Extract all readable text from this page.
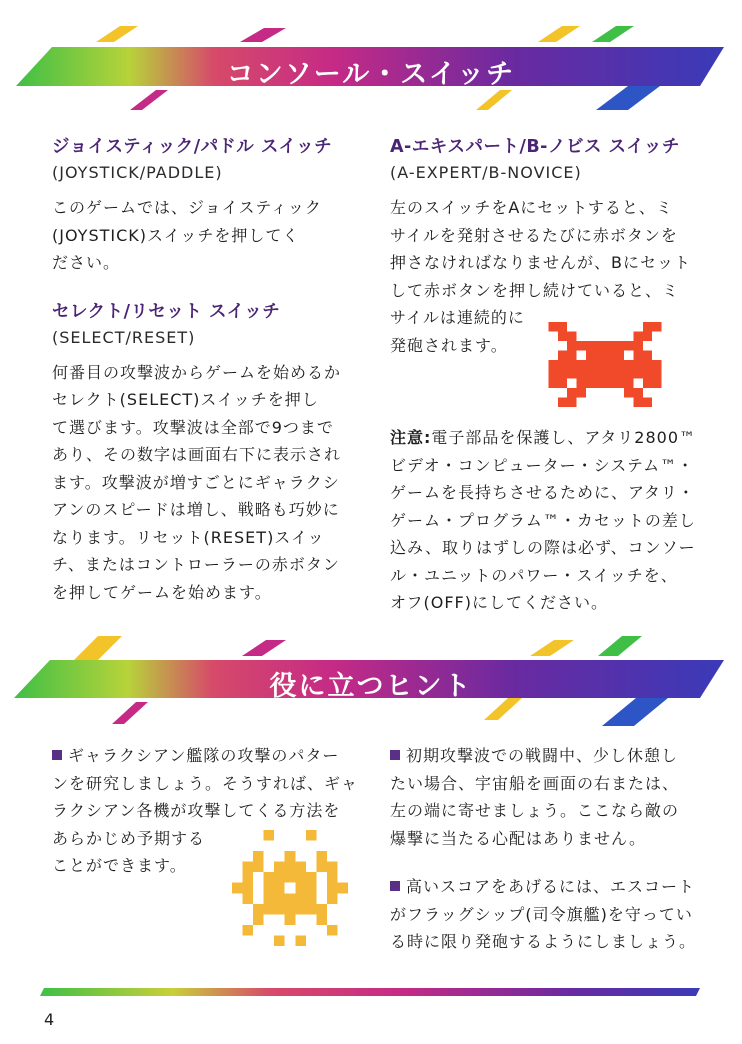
コンソール・スイッチ
ジョイスティック/パドル スイッチ
(JOYSTICK/PADDLE)
このゲームでは、ジョイスティック
(JOYSTICK)スイッチを押してく
ださい。
セレクト/リセット スイッチ
(SELECT/RESET)
何番目の攻撃波からゲームを始めるか
セレクト(SELECT)スイッチを押し
て選びます。攻撃波は全部で9つまで
あり、その数字は画面右下に表示され
ます。攻撃波が増すごとにギャラクシ
アンのスピードは増し、戦略も巧妙に
なります。リセット(RESET)スイッ
チ、またはコントローラーの赤ボタン
を押してゲームを始めます。
A-エキスパート/B-ノビス スイッチ
(A-EXPERT/B-NOVICE)
左のスイッチをAにセットすると、ミ
サイルを発射させるたびに赤ボタンを
押さなければなりませんが、Bにセット
して赤ボタンを押し続けていると、ミ
サイルは連続的に
発砲されます。
注意:電子部品を保護し、アタリ2800™
ビデオ・コンピューター・システム™・
ゲームを長持ちさせるために、アタリ・
ゲーム・プログラム™・カセットの差し
込み、取りはずしの際は必ず、コンソー
ル・ユニットのパワー・スイッチを、
オフ(OFF)にしてください。
役に立つヒント
ギャラクシアン艦隊の攻撃のパター
ンを研究しましょう。そうすれば、ギャ
ラクシアン各機が攻撃してくる方法を
あらかじめ予期する
ことができます。
初期攻撃波での戦闘中、少し休憩し
たい場合、宇宙船を画面の右または、
左の端に寄せましょう。ここなら敵の
爆撃に当たる心配はありません。
高いスコアをあげるには、エスコート
がフラッグシップ(司令旗艦)を守ってい
る時に限り発砲するようにしましょう。
4
